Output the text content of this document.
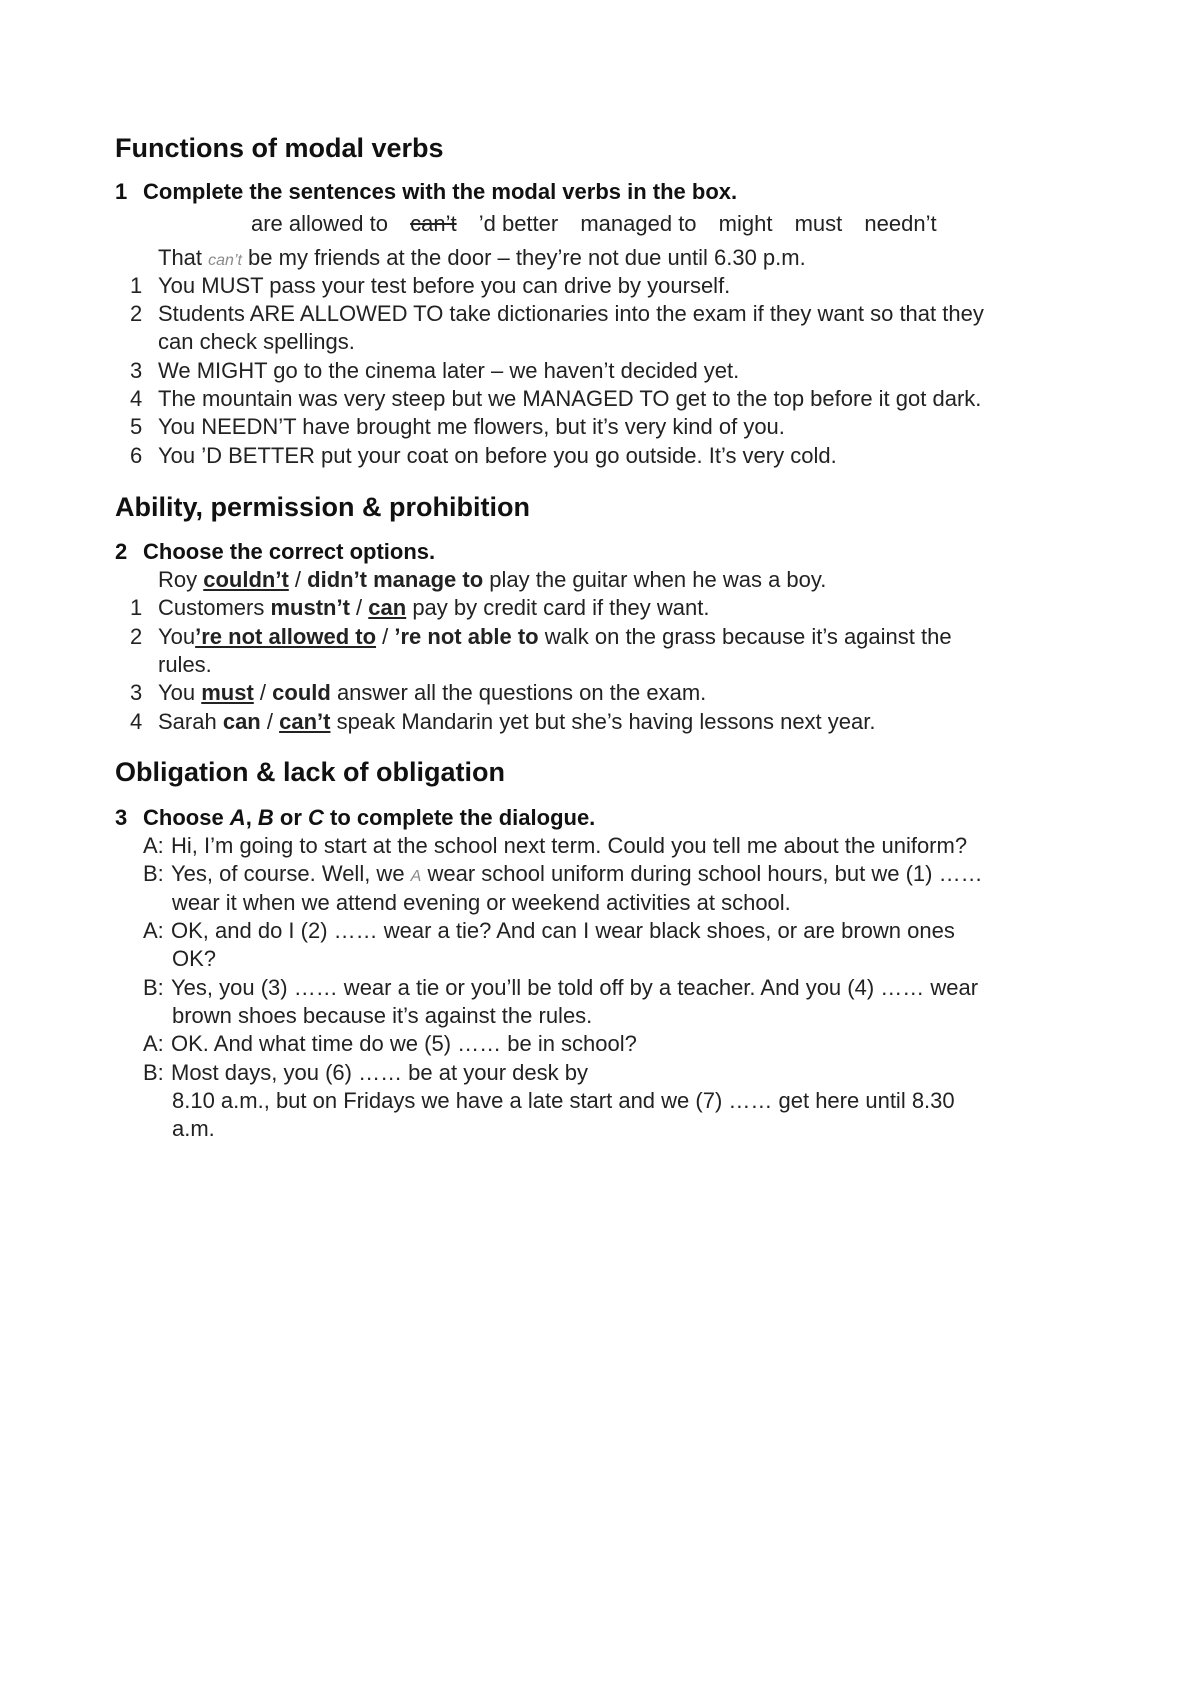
Functions of modal verbs
1 Complete the sentences with the modal verbs in the box.
are allowed to can’t ’d better managed to might must needn’t
That can’t be my friends at the door – they’re not due until 6.30 p.m.
1 You MUST pass your test before you can drive by yourself.
2 Students ARE ALLOWED TO take dictionaries into the exam if they want so that they
can check spellings.
3 We MIGHT go to the cinema later – we haven’t decided yet.
4 The mountain was very steep but we MANAGED TO get to the top before it got dark.
5 You NEEDN’T have brought me flowers, but it’s very kind of you.
6 You ’D BETTER put your coat on before you go outside. It’s very cold.
Ability, permission & prohibition
2 Choose the correct options.
Roy couldn’t / didn’t manage to play the guitar when he was a boy.
1 Customers mustn’t / can pay by credit card if they want.
2 You’re not allowed to / ’re not able to walk on the grass because it’s against the
rules.
3 You must / could answer all the questions on the exam.
4 Sarah can / can’t speak Mandarin yet but she’s having lessons next year.
Obligation & lack of obligation
3 Choose A, B or C to complete the dialogue.
A: Hi, I’m going to start at the school next term. Could you tell me about the uniform?
B: Yes, of course. Well, we A wear school uniform during school hours, but we (1) ……
wear it when we attend evening or weekend activities at school.
A: OK, and do I (2) …… wear a tie? And can I wear black shoes, or are brown ones
OK?
B: Yes, you (3) …… wear a tie or you’ll be told off by a teacher. And you (4) …… wear
brown shoes because it’s against the rules.
A: OK. And what time do we (5) …… be in school?
B: Most days, you (6) …… be at your desk by
8.10 a.m., but on Fridays we have a late start and we (7) …… get here until 8.30
a.m.
